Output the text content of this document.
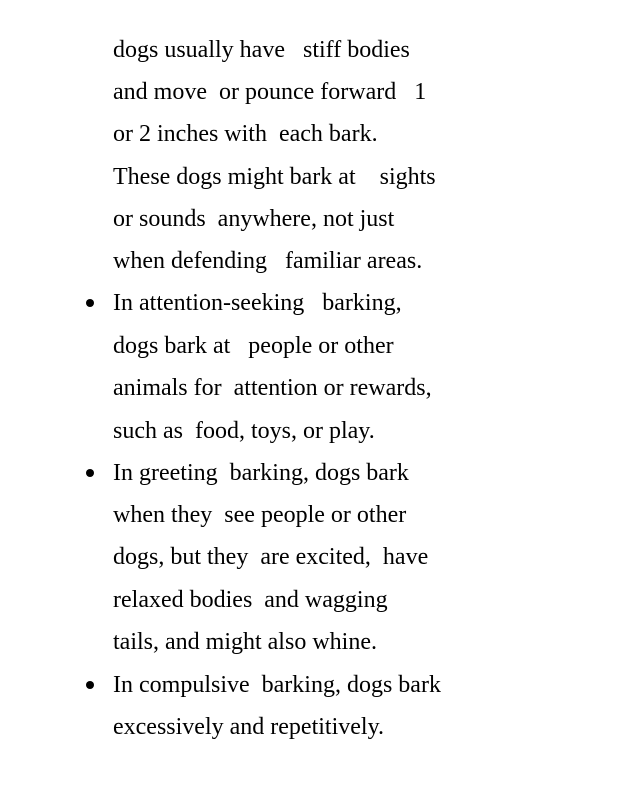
dogs usually have   stiff bodies
and move  or pounce forward   1
or 2 inches with  each bark.
These dogs might bark at    sights
or sounds  anywhere, not just
when defending   familiar areas.
In attention-seeking   barking,
dogs bark at   people or other
animals for  attention or rewards,
such as  food, toys, or play.
In greeting  barking, dogs bark
when they  see people or other
dogs, but they  are excited,  have
relaxed bodies  and wagging
tails, and might also whine.
In compulsive  barking, dogs bark
excessively and repetitively.
